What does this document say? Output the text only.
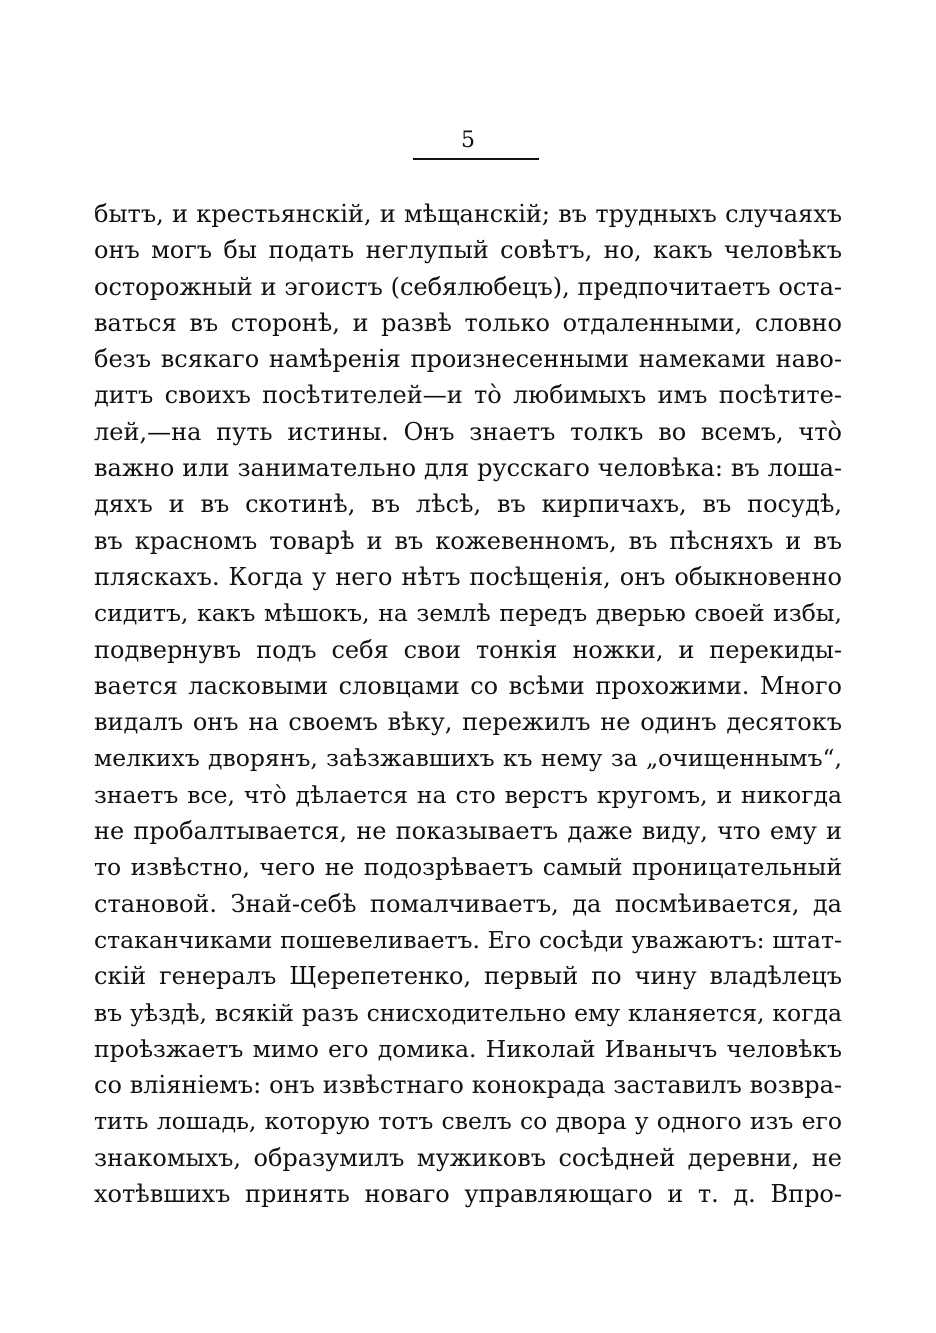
5
бытъ, и крестьянскій, и мѣщанскій; въ трудныхъ случаяхъ
онъ могъ бы подать неглупый совѣтъ, но, какъ человѣкъ
осторожный и эгоистъ (себялюбецъ), предпочитаетъ оста-
ваться въ сторонѣ, и развѣ только отдаленными, словно
безъ всякаго намѣренія произнесенными намеками наво-
дитъ своихъ посѣтителей—и то̀ любимыхъ имъ посѣтите-
лей,—на путь истины. Онъ знаетъ толкъ во всемъ, что̀
важно или занимательно для русскаго человѣка: въ лоша-
дяхъ и въ скотинѣ, въ лѣсѣ, въ кирпичахъ, въ посудѣ,
въ красномъ товарѣ и въ кожевенномъ, въ пѣсняхъ и въ
пляскахъ. Когда у него нѣтъ посѣщенія, онъ обыкновенно
сидитъ, какъ мѣшокъ, на землѣ передъ дверью своей избы,
подвернувъ подъ себя свои тонкія ножки, и перекиды-
вается ласковыми словцами со всѣми прохожими. Много
видалъ онъ на своемъ вѣку, пережилъ не одинъ десятокъ
мелкихъ дворянъ, заѣзжавшихъ къ нему за „очищеннымъ“,
знаетъ все, что̀ дѣлается на сто верстъ кругомъ, и никогда
не пробалтывается, не показываетъ даже виду, что ему и
то извѣстно, чего не подозрѣваетъ самый проницательный
становой. Знай-себѣ помалчиваетъ, да посмѣивается, да
стаканчиками пошевеливаетъ. Его сосѣди уважаютъ: штат-
скій генералъ Щерепетенко, первый по чину владѣлецъ
въ уѣздѣ, всякій разъ снисходительно ему кланяется, когда
проѣзжаетъ мимо его домика. Николай Иванычъ человѣкъ
со вліяніемъ: онъ извѣстнаго конокрада заставилъ возвра-
тить лошадь, которую тотъ свелъ со двора у одного изъ его
знакомыхъ, образумилъ мужиковъ сосѣдней деревни, не
хотѣвшихъ принять новаго управляющаго и т. д. Впро-
